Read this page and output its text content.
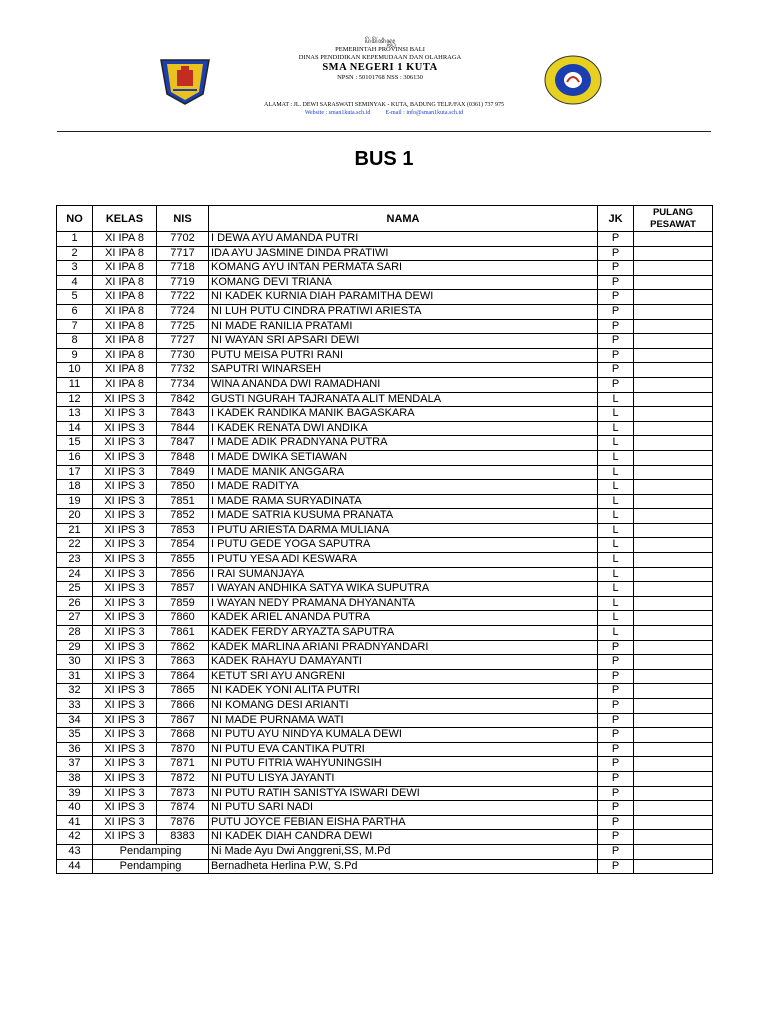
ꦥꦼꦩꦼꦂꦠꦶꦤ꧀ꦠꦃ
PEMERINTAH PROVINSI BALI
DINAS PENDIDIKAN KEPEMUDAAN DAN OLAHRAGA
SMA NEGERI 1 KUTA
NPSN : 50101768 NSS : 306130
ALAMAT : JL. DEWI SARASWATI SEMINYAK - KUTA, BADUNG TELP./FAX (0361) 737 975
Website : sman1kuta.sch.id	E-mail : info@sman1kuta.sch.id
BUS 1
NO	KELAS	NIS	NAMA	JK	PULANG PESAWAT
1	XI IPA 8	7702	I DEWA AYU AMANDA PUTRI	P	
2	XI IPA 8	7717	IDA AYU JASMINE DINDA PRATIWI	P	
3	XI IPA 8	7718	KOMANG AYU INTAN PERMATA SARI	P	
4	XI IPA 8	7719	KOMANG DEVI TRIANA	P	
5	XI IPA 8	7722	NI KADEK KURNIA DIAH PARAMITHA DEWI	P	
6	XI IPA 8	7724	NI LUH PUTU CINDRA PRATIWI ARIESTA	P	
7	XI IPA 8	7725	NI MADE RANILIA PRATAMI	P	
8	XI IPA 8	7727	NI WAYAN SRI APSARI DEWI	P	
9	XI IPA 8	7730	PUTU MEISA PUTRI RANI	P	
10	XI IPA 8	7732	SAPUTRI WINARSEH	P	
11	XI IPA 8	7734	WINA ANANDA DWI RAMADHANI	P	
12	XI IPS 3	7842	GUSTI NGURAH TAJRANATA ALIT MENDALA	L	
13	XI IPS 3	7843	I KADEK RANDIKA MANIK BAGASKARA	L	
14	XI IPS 3	7844	I KADEK RENATA DWI ANDIKA	L	
15	XI IPS 3	7847	I MADE ADIK PRADNYANA PUTRA	L	
16	XI IPS 3	7848	I MADE DWIKA SETIAWAN	L	
17	XI IPS 3	7849	I MADE MANIK ANGGARA	L	
18	XI IPS 3	7850	I MADE RADITYA	L	
19	XI IPS 3	7851	I MADE RAMA SURYADINATA	L	
20	XI IPS 3	7852	I MADE SATRIA KUSUMA PRANATA	L	
21	XI IPS 3	7853	I PUTU ARIESTA DARMA MULIANA	L	
22	XI IPS 3	7854	I PUTU GEDE YOGA SAPUTRA	L	
23	XI IPS 3	7855	I PUTU YESA ADI KESWARA	L	
24	XI IPS 3	7856	I RAI SUMANJAYA	L	
25	XI IPS 3	7857	I WAYAN ANDHIKA SATYA WIKA SUPUTRA	L	
26	XI IPS 3	7859	I WAYAN NEDY PRAMANA DHYANANTA	L	
27	XI IPS 3	7860	KADEK ARIEL ANANDA PUTRA	L	
28	XI IPS 3	7861	KADEK FERDY ARYAZTA SAPUTRA	L	
29	XI IPS 3	7862	KADEK MARLINA ARIANI PRADNYANDARI	P	
30	XI IPS 3	7863	KADEK RAHAYU DAMAYANTI	P	
31	XI IPS 3	7864	KETUT SRI AYU ANGRENI	P	
32	XI IPS 3	7865	NI KADEK YONI ALITA PUTRI	P	
33	XI IPS 3	7866	NI KOMANG DESI ARIANTI	P	
34	XI IPS 3	7867	NI MADE PURNAMA WATI	P	
35	XI IPS 3	7868	NI PUTU AYU NINDYA KUMALA DEWI	P	
36	XI IPS 3	7870	NI PUTU EVA CANTIKA PUTRI	P	
37	XI IPS 3	7871	NI PUTU FITRIA WAHYUNINGSIH	P	
38	XI IPS 3	7872	NI PUTU LISYA JAYANTI	P	
39	XI IPS 3	7873	NI PUTU RATIH SANISTYA ISWARI DEWI	P	
40	XI IPS 3	7874	NI PUTU SARI NADI	P	
41	XI IPS 3	7876	PUTU JOYCE FEBIAN EISHA PARTHA	P	
42	XI IPS 3	8383	NI KADEK DIAH CANDRA DEWI	P	
43	Pendamping		Ni Made Ayu Dwi Anggreni,SS, M.Pd	P	
44	Pendamping		Bernadheta Herlina P.W, S.Pd	P	
